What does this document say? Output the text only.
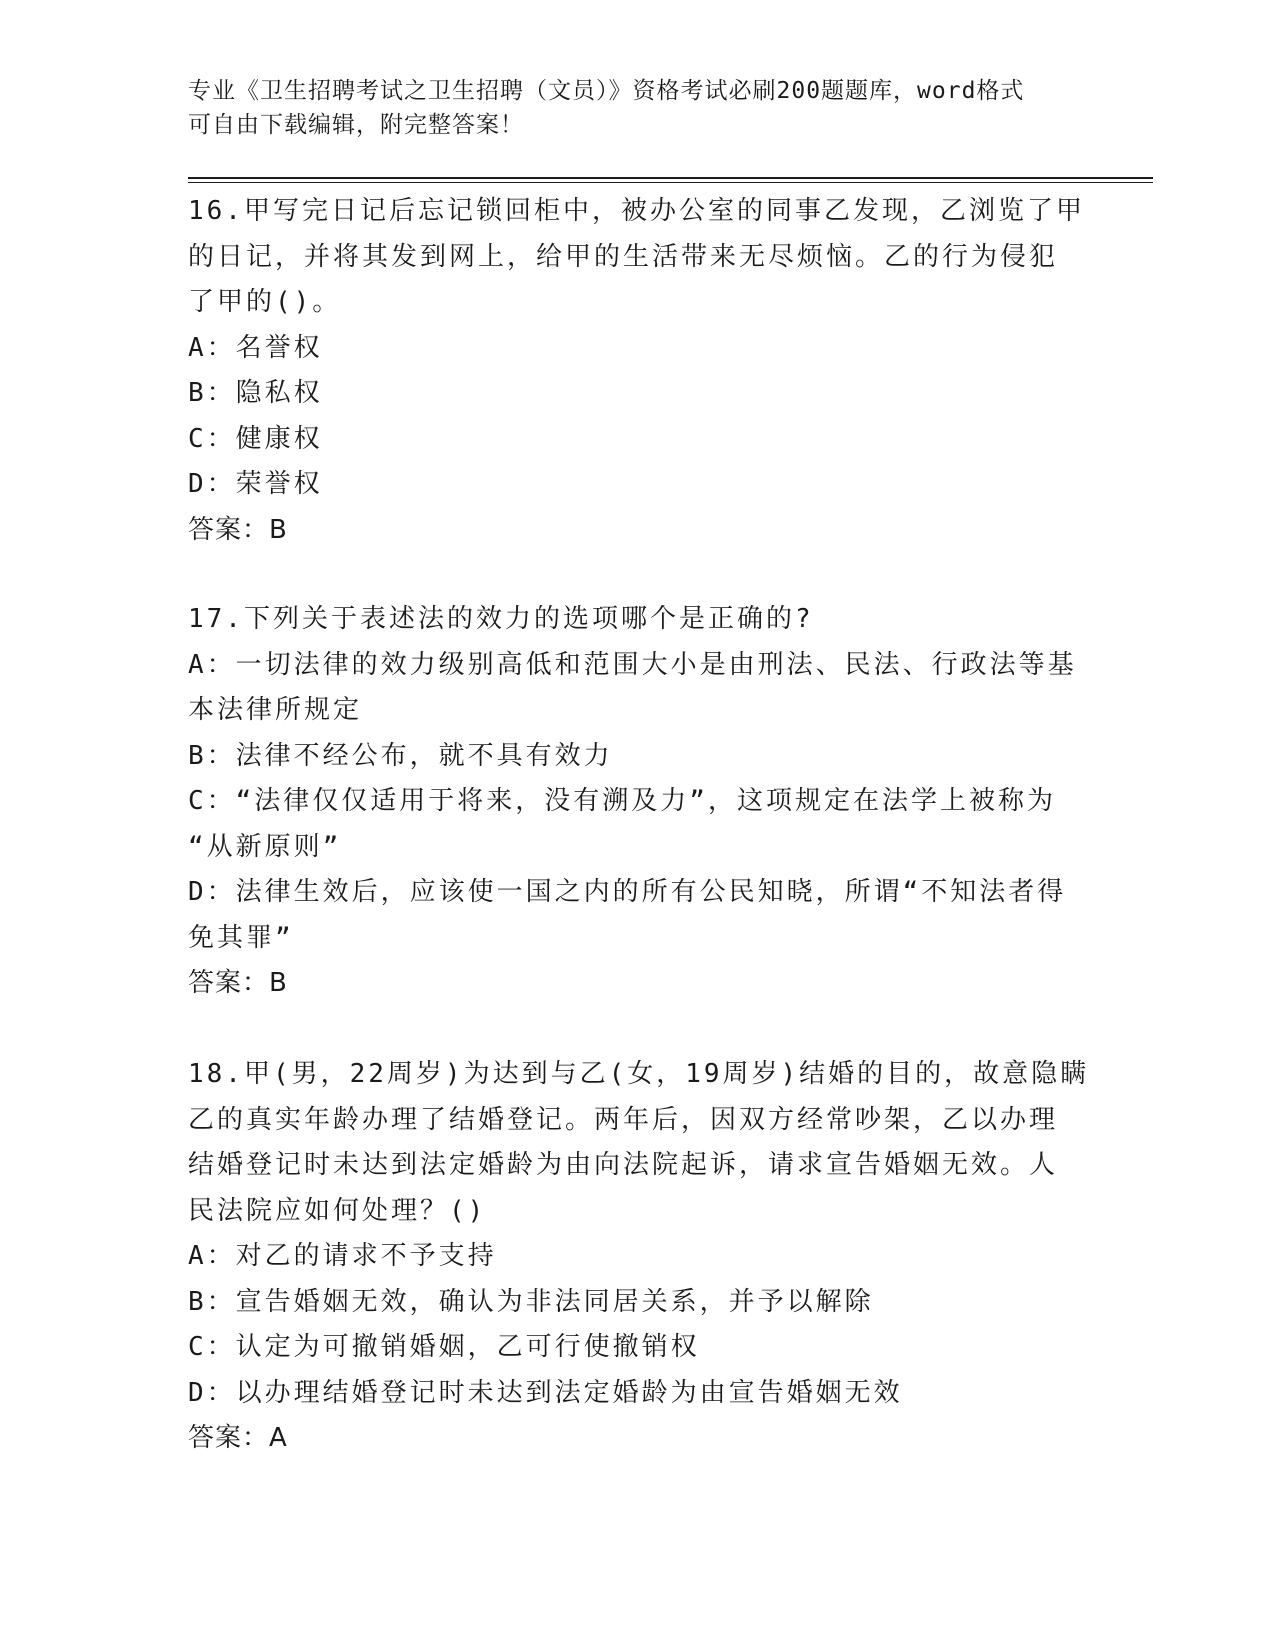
专业《卫生招聘考试之卫生招聘（文员）》资格考试必刷200题题库，word格式
可自由下载编辑，附完整答案！
16.甲写完日记后忘记锁回柜中，被办公室的同事乙发现，乙浏览了甲
的日记，并将其发到网上，给甲的生活带来无尽烦恼。乙的行为侵犯
了甲的()。
A：名誉权
B：隐私权
C：健康权
D：荣誉权
答案：B
17.下列关于表述法的效力的选项哪个是正确的?
A：一切法律的效力级别高低和范围大小是由刑法、民法、行政法等基
本法律所规定
B：法律不经公布，就不具有效力
C：“法律仅仅适用于将来，没有溯及力”，这项规定在法学上被称为
“从新原则”
D：法律生效后，应该使一国之内的所有公民知晓，所谓“不知法者得
免其罪”
答案：B
18.甲(男，22周岁)为达到与乙(女，19周岁)结婚的目的，故意隐瞒
乙的真实年龄办理了结婚登记。两年后，因双方经常吵架，乙以办理
结婚登记时未达到法定婚龄为由向法院起诉，请求宣告婚姻无效。人
民法院应如何处理？()
A：对乙的请求不予支持
B：宣告婚姻无效，确认为非法同居关系，并予以解除
C：认定为可撤销婚姻，乙可行使撤销权
D：以办理结婚登记时未达到法定婚龄为由宣告婚姻无效
答案：A
